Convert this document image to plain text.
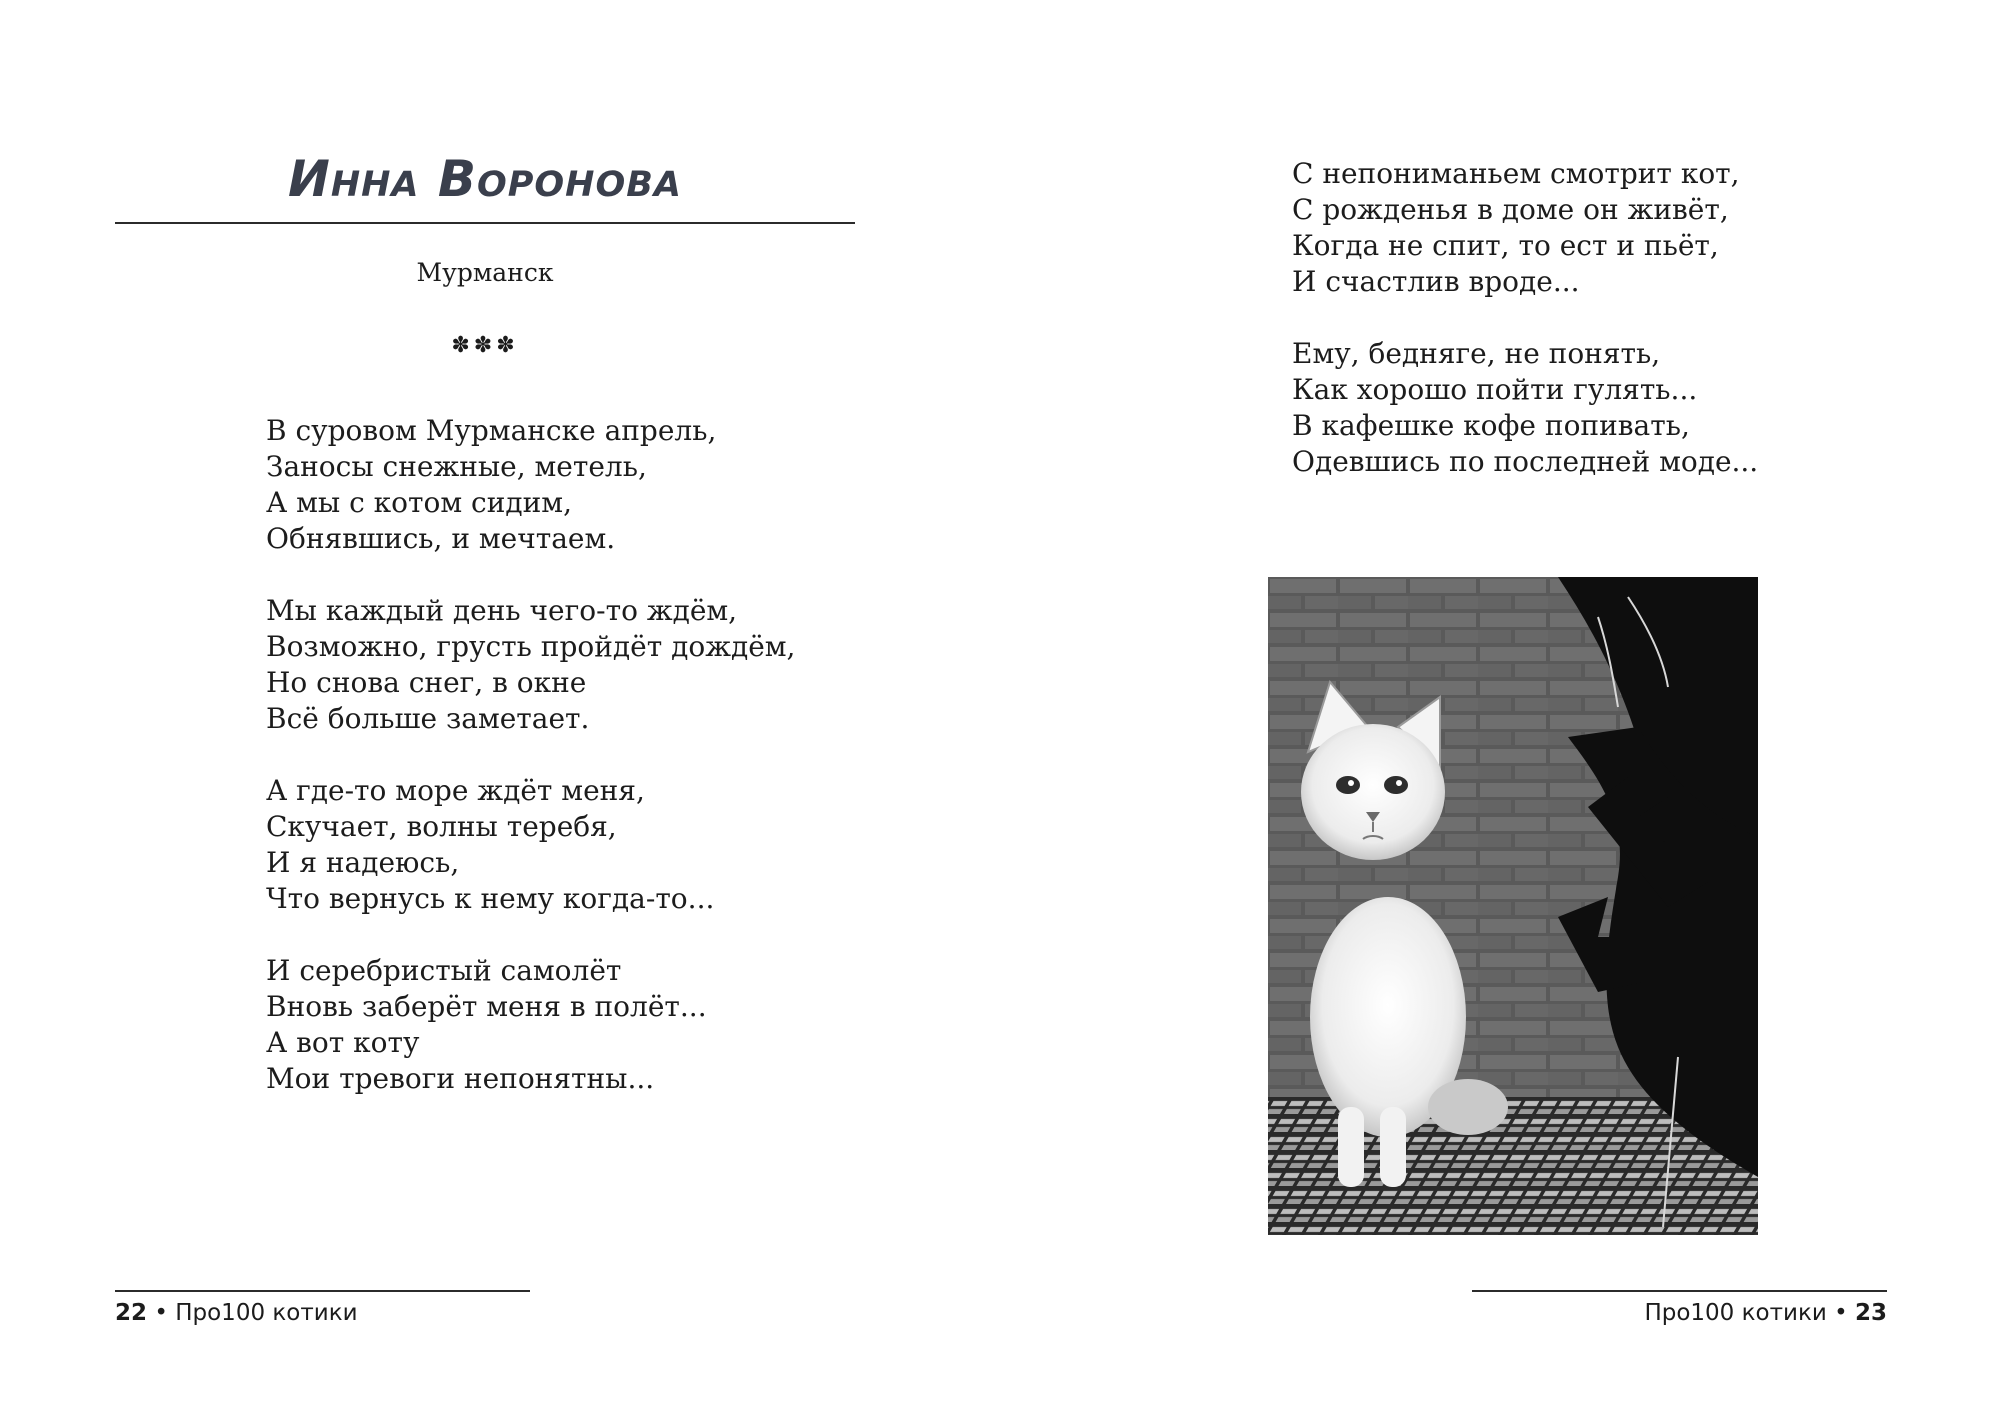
Инна Воронова
Мурманск
✽✽✽
В суровом Мурманске апрель,
Заносы снежные, метель,
А мы с котом сидим,
Обнявшись, и мечтаем.
Мы каждый день чего-то ждём,
Возможно, грусть пройдёт дождём,
Но снова снег, в окне
Всё больше заметает.
А где-то море ждёт меня,
Скучает, волны теребя,
И я надеюсь,
Что вернусь к нему когда-то...
И серебристый самолёт
Вновь заберёт меня в полёт...
А вот коту
Мои тревоги непонятны...
22 • Про100 котики
С непониманьем смотрит кот,
С рожденья в доме он живёт,
Когда не спит, то ест и пьёт,
И счастлив вроде...
Ему, бедняге, не понять,
Как хорошо пойти гулять...
В кафешке кофе попивать,
Одевшись по последней моде...
Про100 котики • 23
